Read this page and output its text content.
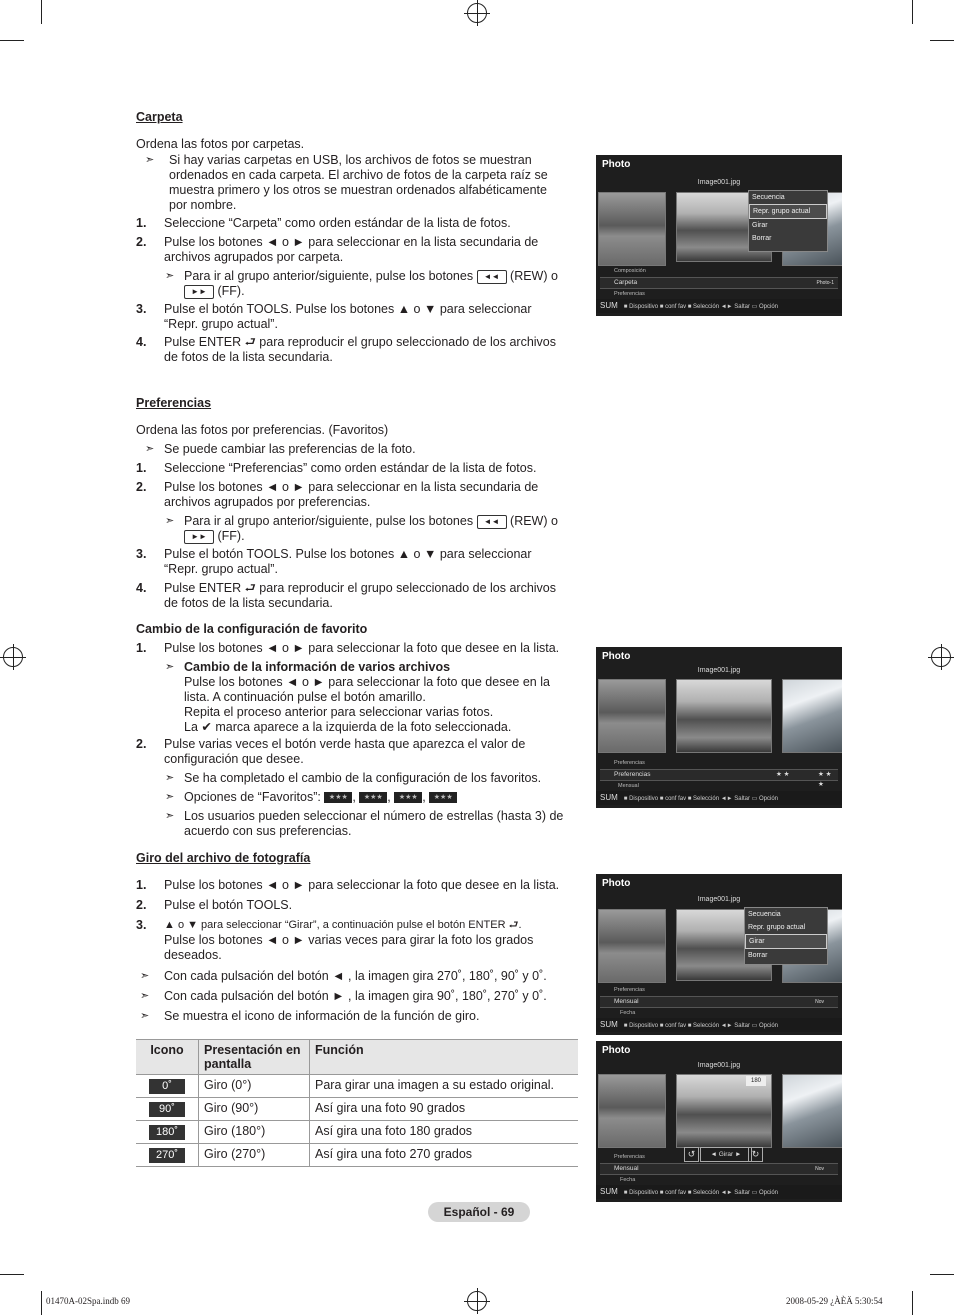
Carpeta
Ordena las fotos por carpetas.
➣ Si hay varias carpetas en USB, los archivos de fotos se muestran
ordenados en cada carpeta. El archivo de fotos de la carpeta raíz se
muestra primero y los otros se muestran ordenados alfabéticamente
por nombre.
1. Seleccione “Carpeta” como orden estándar de la lista de fotos.
2. Pulse los botones ◄ o ► para seleccionar en la lista secundaria de
archivos agrupados por carpeta.
➣ Para ir al grupo anterior/siguiente, pulse los botones ◄◄ (REW) o
►► (FF).
3. Pulse el botón TOOLS. Pulse los botones ▲ o ▼ para seleccionar
“Repr. grupo actual”.
4. Pulse ENTER ⮐ para reproducir el grupo seleccionado de los archivos
de fotos de la lista secundaria.
Preferencias
Ordena las fotos por preferencias. (Favoritos)
➣ Se puede cambiar las preferencias de la foto.
1. Seleccione “Preferencias” como orden estándar de la lista de fotos.
2. Pulse los botones ◄ o ► para seleccionar en la lista secundaria de
archivos agrupados por preferencias.
➣ Para ir al grupo anterior/siguiente, pulse los botones ◄◄ (REW) o
►► (FF).
3. Pulse el botón TOOLS. Pulse los botones ▲ o ▼ para seleccionar
“Repr. grupo actual”.
4. Pulse ENTER ⮐ para reproducir el grupo seleccionado de los archivos
de fotos de la lista secundaria.
Cambio de la configuración de favorito
1. Pulse los botones ◄ o ► para seleccionar la foto que desee en la lista.
➣ Cambio de la información de varios archivos
Pulse los botones ◄ o ► para seleccionar la foto que desee en la
lista. A continuación pulse el botón amarillo.
Repita el proceso anterior para seleccionar varias fotos.
La ✔ marca aparece a la izquierda de la foto seleccionada.
2. Pulse varias veces el botón verde hasta que aparezca el valor de
configuración que desee.
➣ Se ha completado el cambio de la configuración de los favoritos.
➣ Opciones de “Favoritos”: ★★★ , ★★★ , ★★★ , ★★★
➣ Los usuarios pueden seleccionar el número de estrellas (hasta 3) de
acuerdo con sus preferencias.
Giro del archivo de fotografía
1. Pulse los botones ◄ o ► para seleccionar la foto que desee en la lista.
2. Pulse el botón TOOLS.
3. ▲ o ▼ para seleccionar “Girar”, a continuación pulse el botón ENTER ⮐.
Pulse los botones ◄ o ► varias veces para girar la foto los grados
deseados.
➣ Con cada pulsación del botón ◄ , la imagen gira 270˚, 180˚, 90˚ y 0˚.
➣ Con cada pulsación del botón ► , la imagen gira 90˚, 180˚, 270˚ y 0˚.
➣ Se muestra el icono de información de la función de giro.
Icono	Presentación en pantalla	Función
0˚	Giro (0°)	Para girar una imagen a su estado original.
90˚	Giro (90°)	Así gira una foto 90 grados
180˚	Giro (180°)	Así gira una foto 180 grados
270˚	Giro (270°)	Así gira una foto 270 grados
Photo
Image001.jpg
Secuencia
Repr. grupo actual
Girar
Borrar
Composición
Carpeta	Photo-1
Preferencias
SUM ■ Dispositivo ■ conf fav ■ Selección ◄► Saltar ▭ Opción
Photo
Image001.jpg
Preferencias
Preferencias	★ ★	★ ★ ★
Mensual
SUM ■ Dispositivo ■ conf fav ■ Selección ◄► Saltar ▭ Opción
Photo
Image001.jpg
Secuencia
Repr. grupo actual
Girar
Borrar
Preferencias
Mensual	Nov
Fecha
SUM ■ Dispositivo ■ conf fav ■ Selección ◄► Saltar ▭ Opción
Photo
Image001.jpg
180
↺	◄ Girar ►	↻
Preferencias
Mensual	Nov
Fecha
SUM ■ Dispositivo ■ conf fav ■ Selección ◄► Saltar ▭ Opción
Español - 69
01470A-02Spa.indb 69	2008-05-29 ¿ÀÈÄ 5:30:54
